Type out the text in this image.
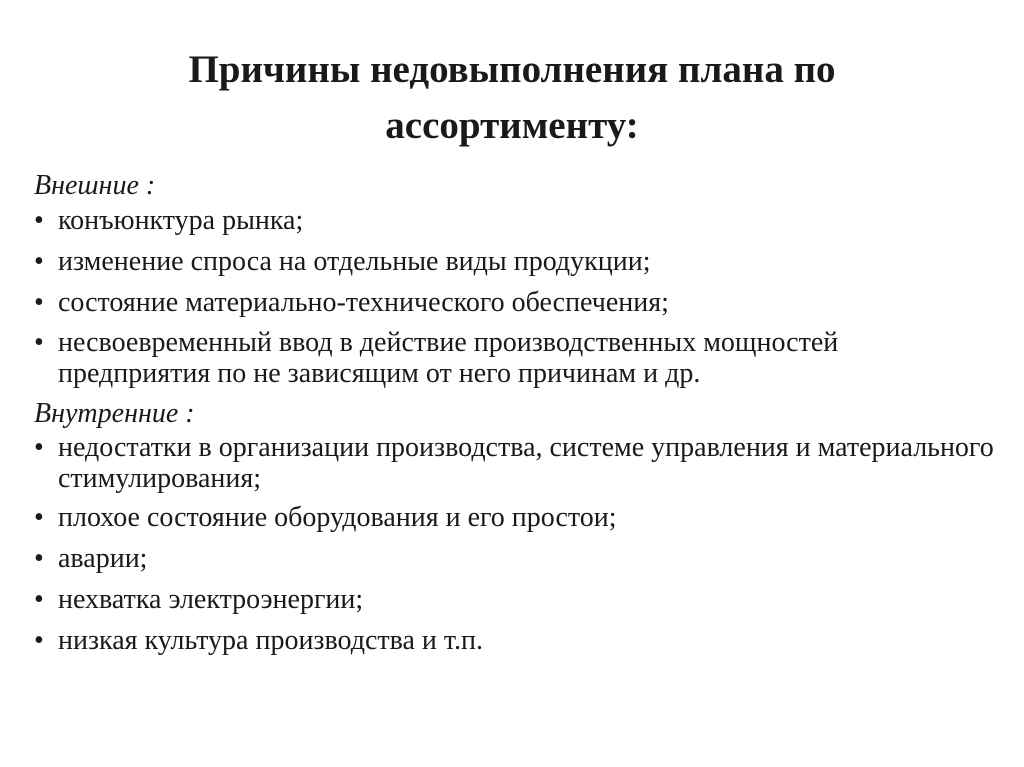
Причины недовыполнения плана по
ассортименту:
Внешние :
• конъюнктура рынка;
• изменение спроса на отдельные виды продукции;
• состояние материально-технического обеспечения;
• несвоевременный ввод в действие производственных мощностей предприятия по не зависящим от него причинам и др.
Внутренние :
• недостатки в организации производства, системе управления и материального стимулирования;
• плохое состояние оборудования и его простои;
• аварии;
• нехватка электроэнергии;
• низкая культура производства и т.п.
